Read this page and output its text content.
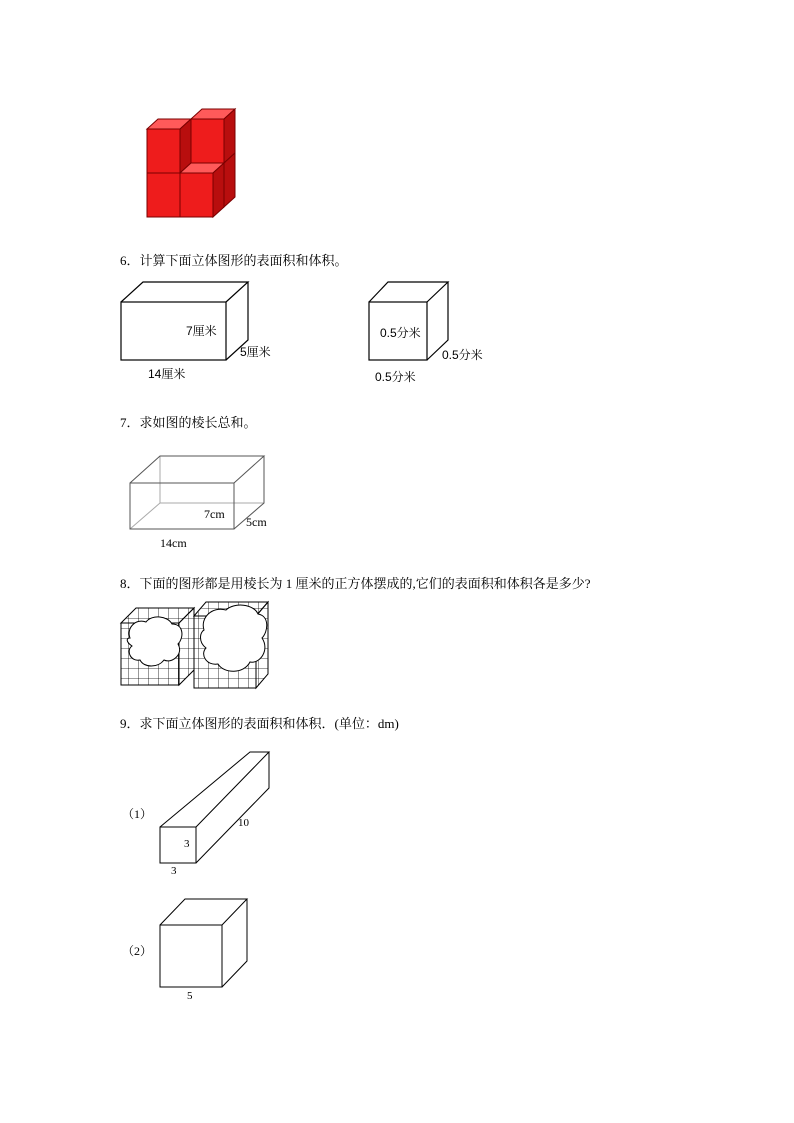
6．计算下面立体图形的表面积和体积。
7厘米
5厘米
14厘米
0.5分米
0.5分米
0.5分米
7．求如图的棱长总和。
7cm
5cm
14cm
8．下面的图形都是用棱长为 1 厘米的正方体摆成的,它们的表面积和体积各是多少?
9．求下面立体图形的表面积和体积．(单位：dm)
（1）
10
3
3
（2）
5
